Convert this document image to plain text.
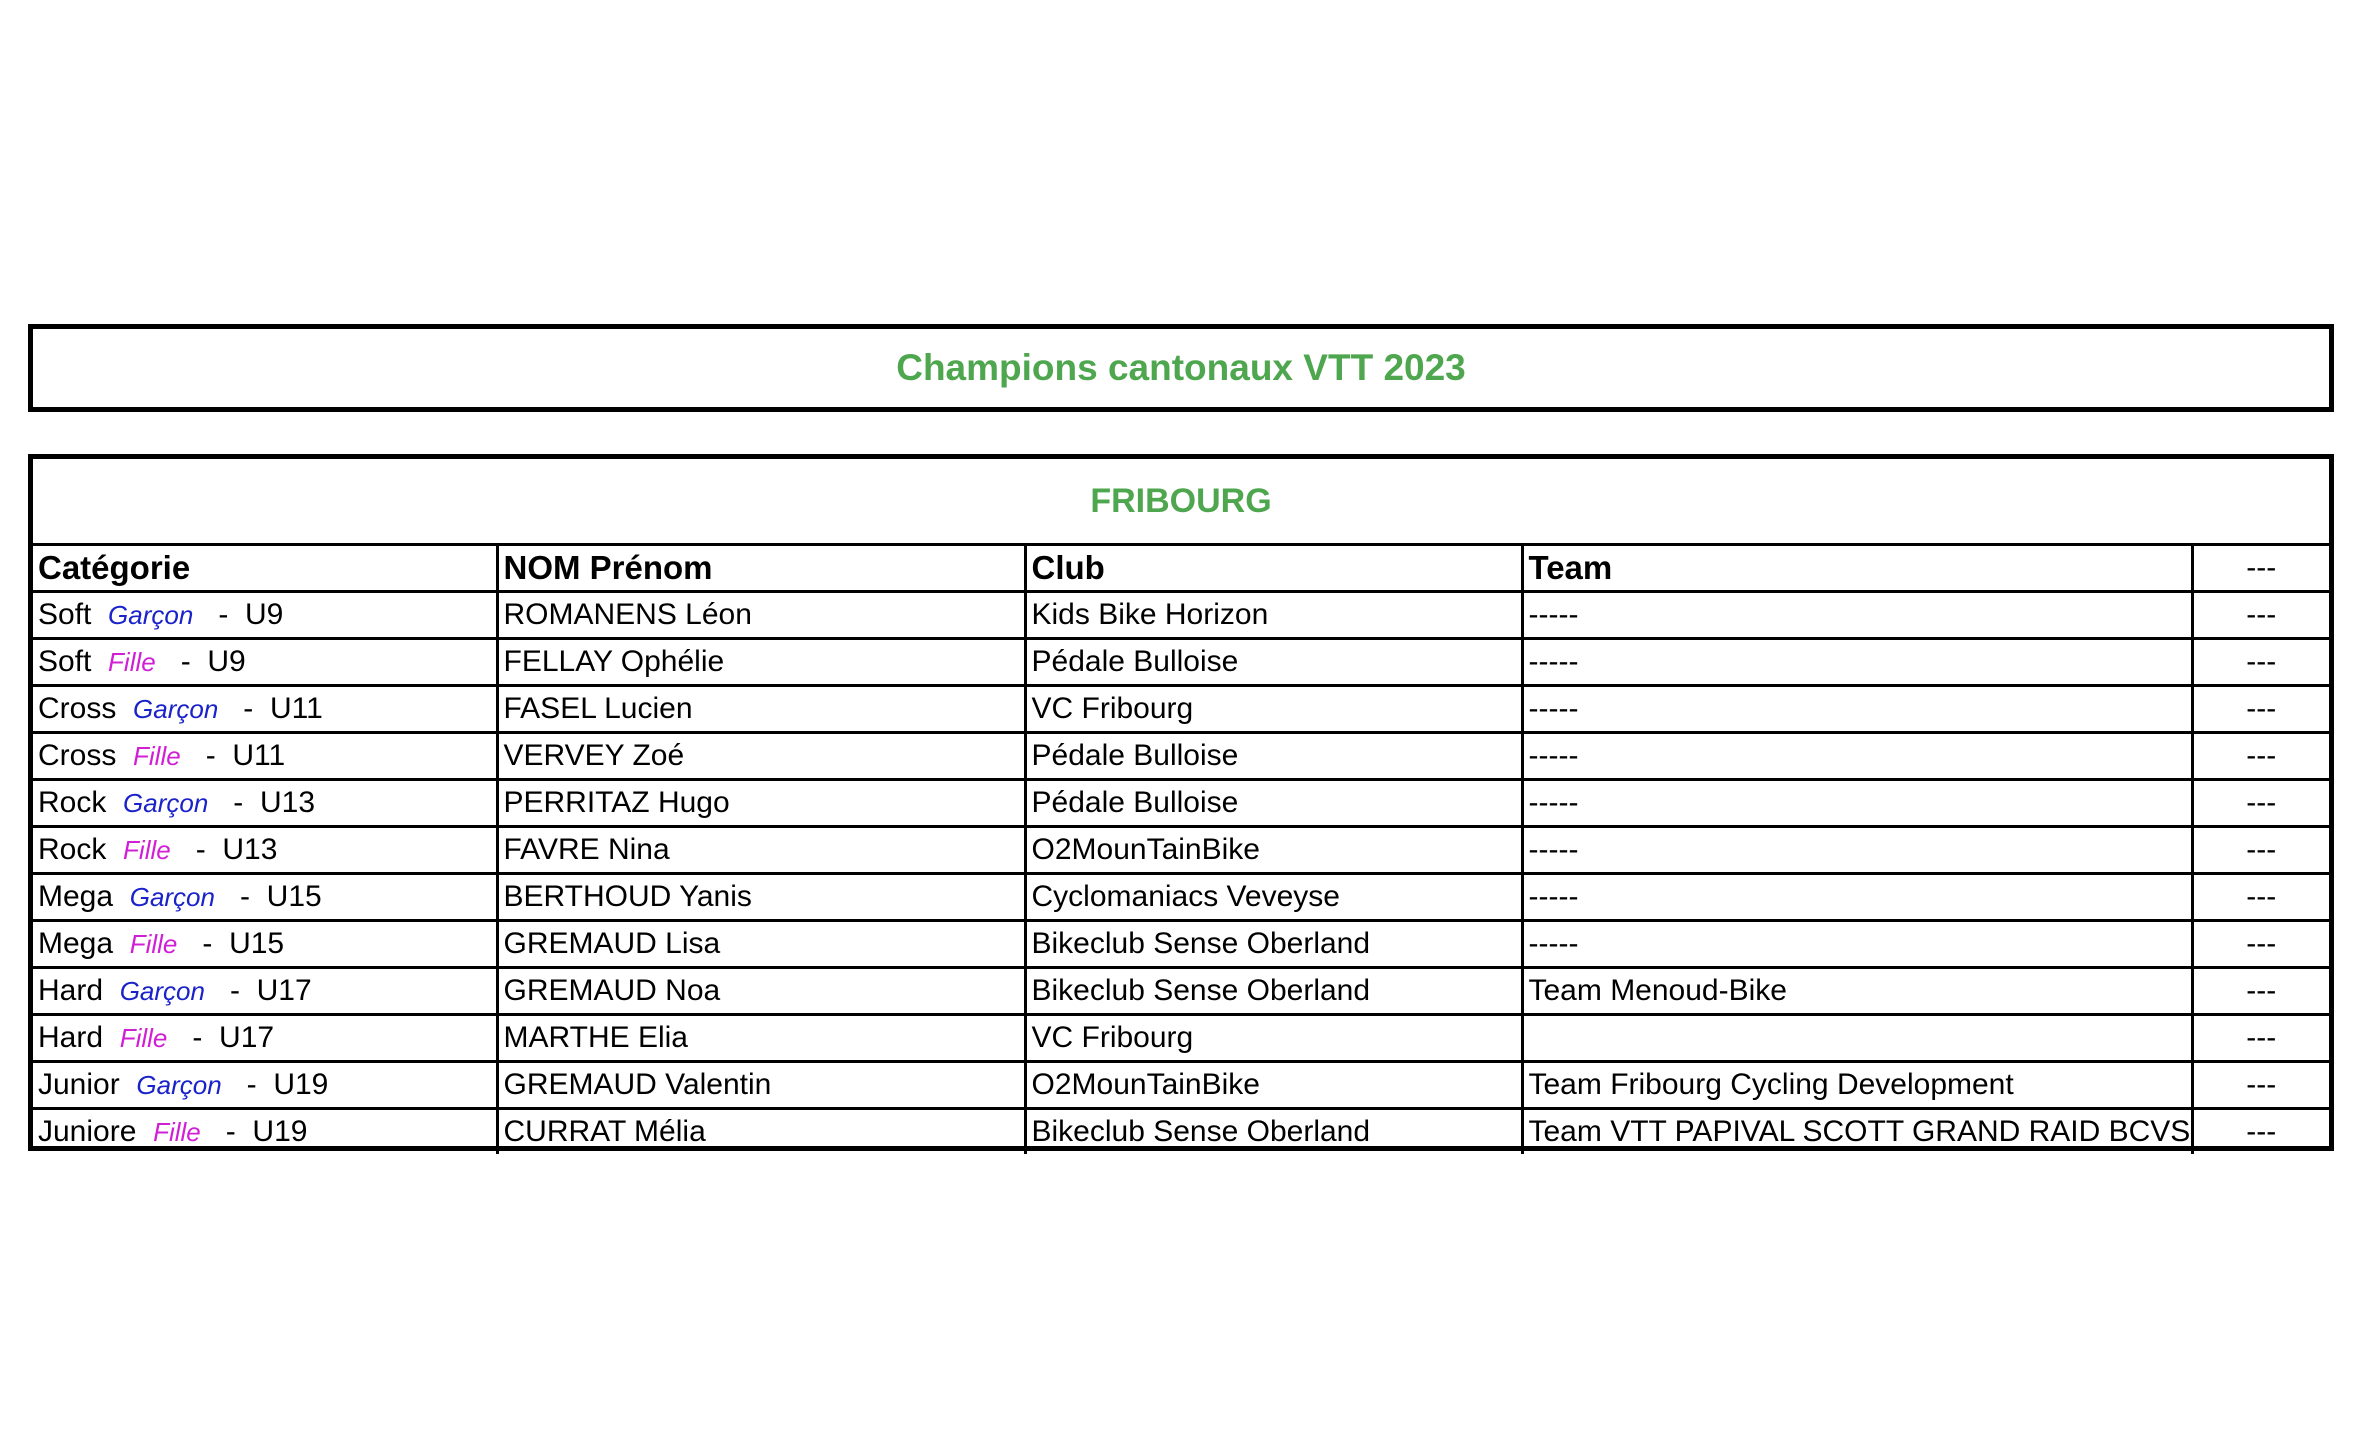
Champions cantonaux VTT 2023
FRIBOURG
Catégorie	NOM Prénom	Club	Team	---
Soft Garçon   -  U9	ROMANENS Léon	Kids Bike Horizon	-----	---
Soft Fille   -  U9	FELLAY Ophélie	Pédale Bulloise	-----	---
Cross Garçon   -  U11	FASEL Lucien	VC Fribourg	-----	---
Cross Fille   -  U11	VERVEY Zoé	Pédale Bulloise	-----	---
Rock Garçon   -  U13	PERRITAZ Hugo	Pédale Bulloise	-----	---
Rock Fille   -  U13	FAVRE Nina	O2MounTainBike	-----	---
Mega Garçon   -  U15	BERTHOUD Yanis	Cyclomaniacs Veveyse	-----	---
Mega Fille   -  U15	GREMAUD Lisa	Bikeclub Sense Oberland	-----	---
Hard Garçon   -  U17	GREMAUD Noa	Bikeclub Sense Oberland	Team Menoud-Bike	---
Hard Fille   -  U17	MARTHE Elia	VC Fribourg		---
Junior Garçon   -  U19	GREMAUD Valentin	O2MounTainBike	Team Fribourg Cycling Development	---
Juniore Fille   -  U19	CURRAT Mélia	Bikeclub Sense Oberland	Team VTT PAPIVAL SCOTT GRAND RAID BCVS	---
